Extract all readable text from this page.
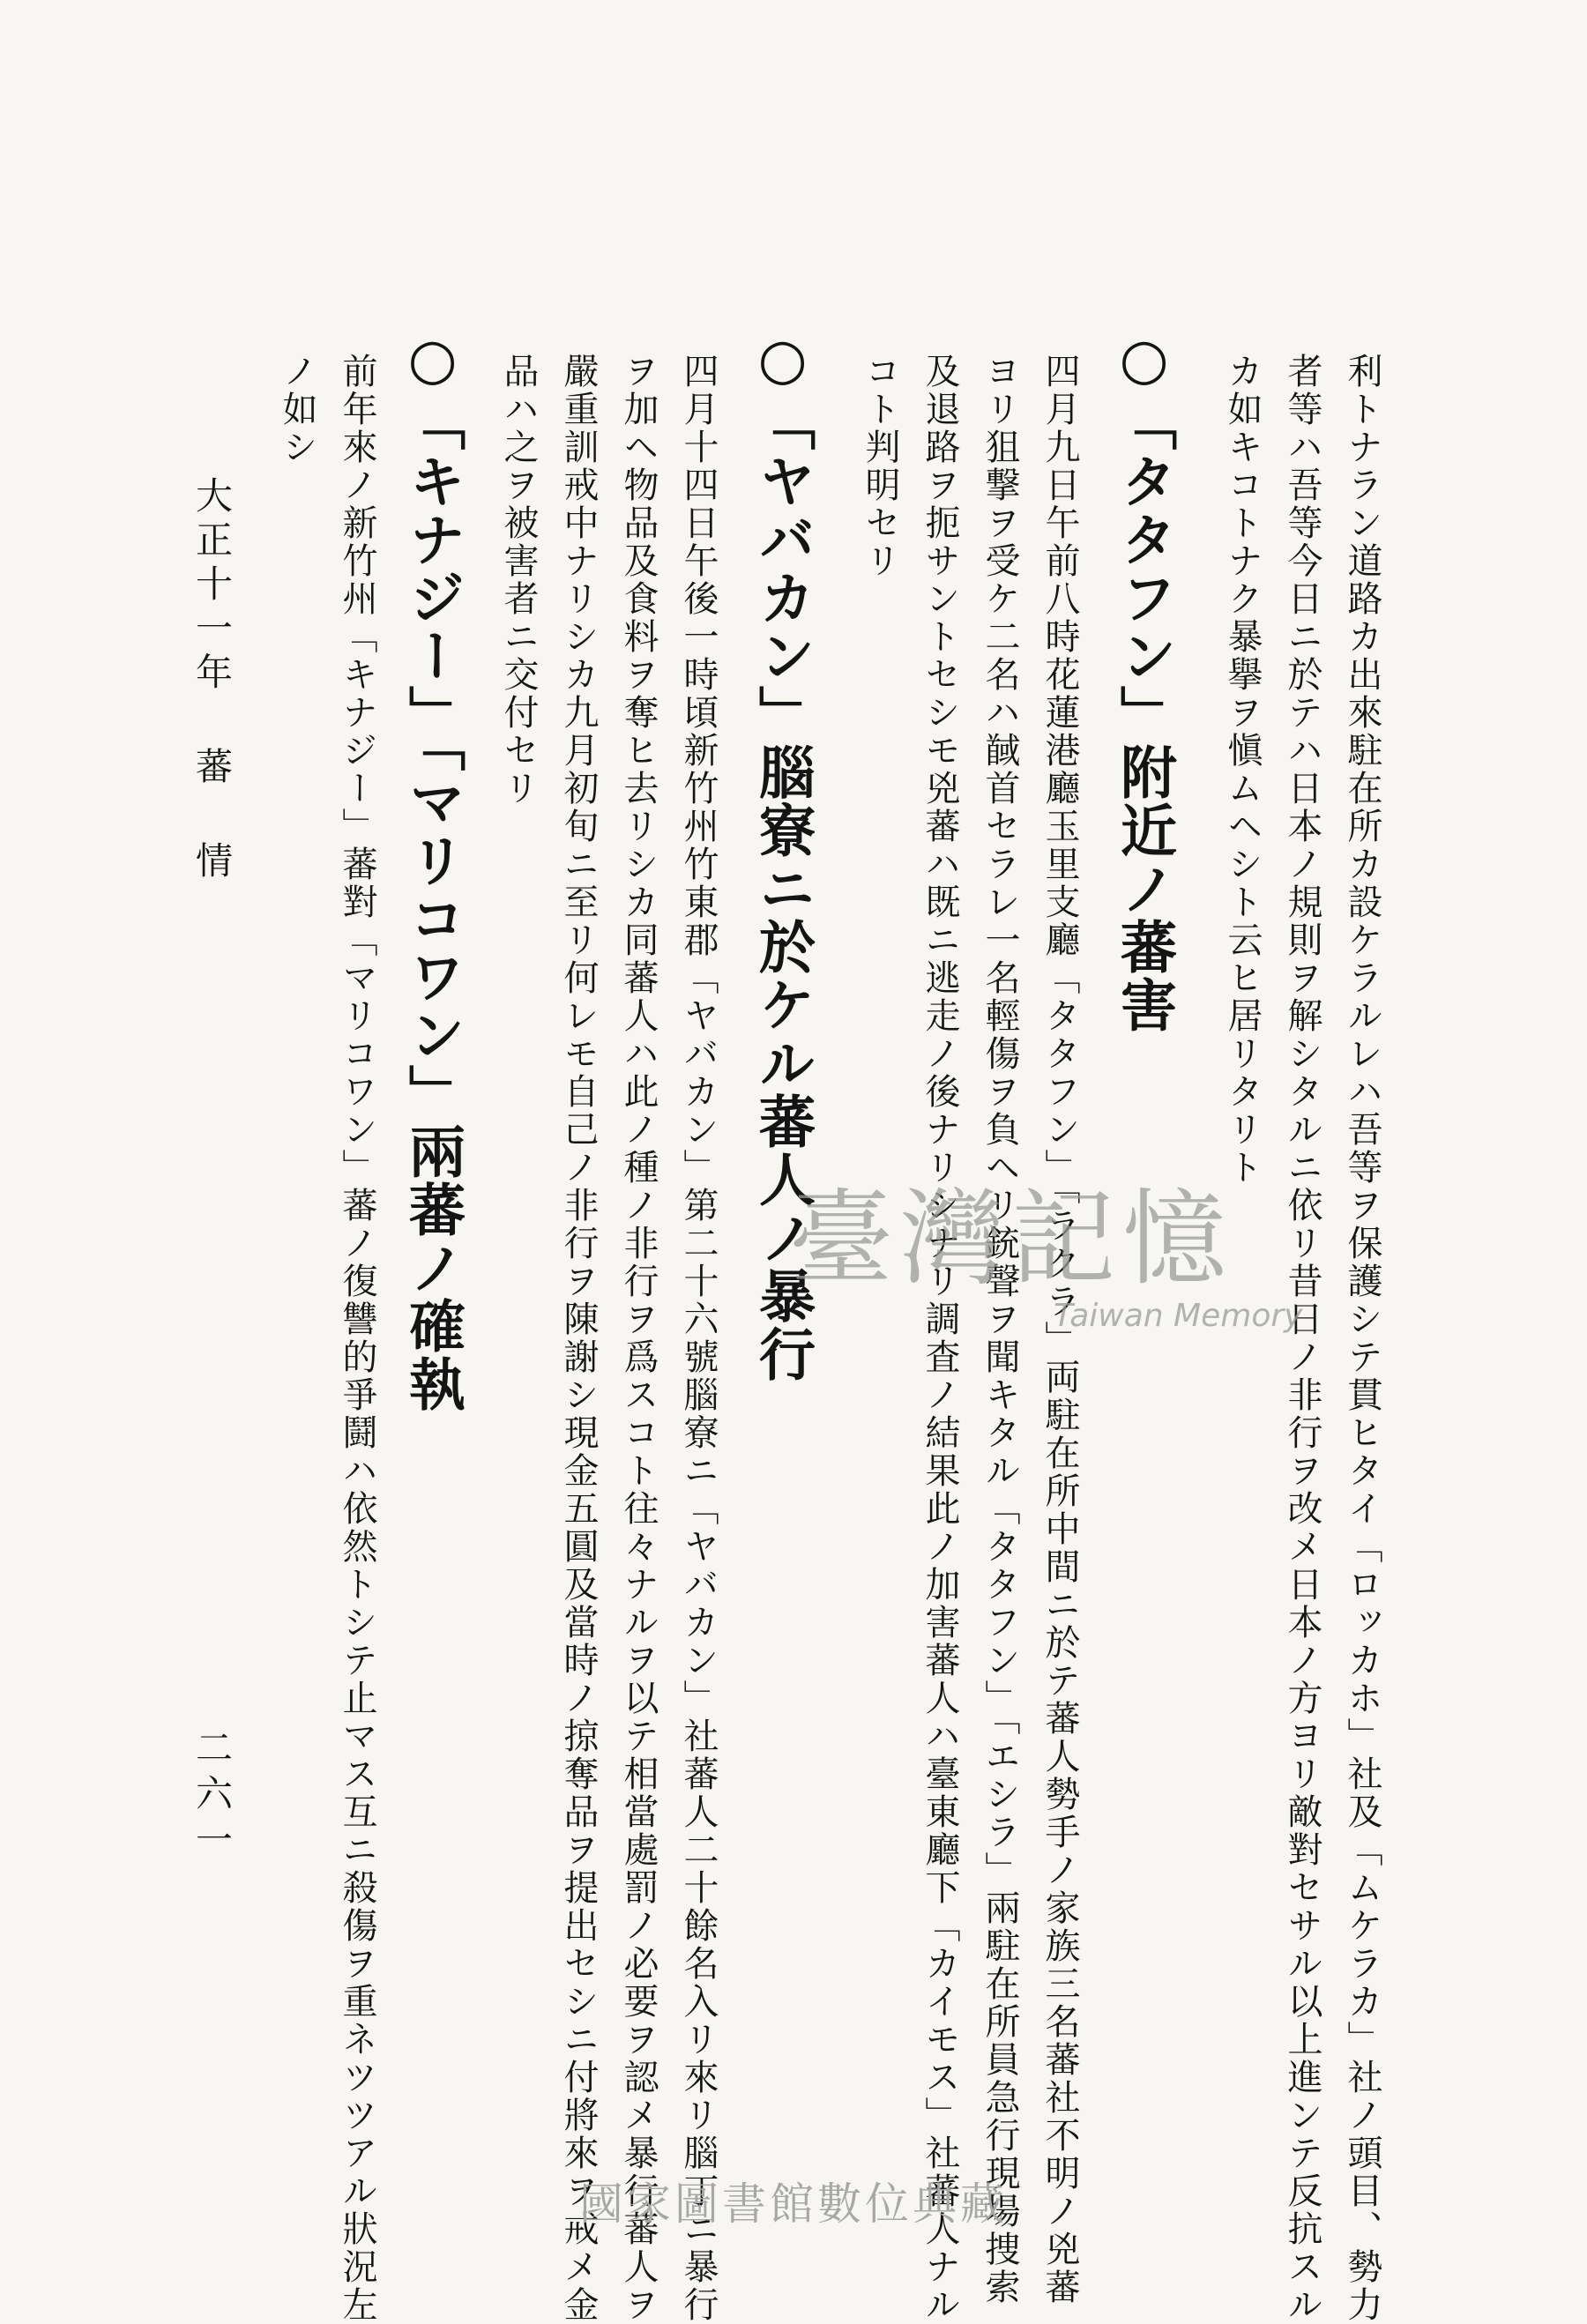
利トナラン道路カ出來駐在所カ設ケラルレハ吾等ヲ保護シテ貫ヒタイ「ロッカホ」社及「ムケラカ」社ノ頭目、勢力
者等ハ吾等今日ニ於テハ日本ノ規則ヲ解シタルニ依リ昔日ノ非行ヲ改メ日本ノ方ヨリ敵對セサル以上進ンテ反抗スル
カ如キコトナク暴擧ヲ愼ムヘシト云ヒ居リタリト
○「タタフン」附近ノ蕃害
四月九日午前八時花蓮港廳玉里支廳「タタフン」「ラクラ」両駐在所中間ニ於テ蕃人勢手ノ家族三名蕃社不明ノ兇蕃
ヨリ狙撃ヲ受ケ二名ハ馘首セラレ一名輕傷ヲ負ヘリ銃聲ヲ聞キタル「タタフン」「エシラ」兩駐在所員急行現場捜索
及退路ヲ扼サントセシモ兇蕃ハ既ニ逃走ノ後ナリシナリ調査ノ結果此ノ加害蕃人ハ臺東廳下「カイモス」社蕃人ナル
コト判明セリ
○「ヤバカン」腦寮ニ於ケル蕃人ノ暴行
四月十四日午後一時頃新竹州竹東郡「ヤバカン」第二十六號腦寮ニ「ヤバカン」社蕃人二十餘名入リ來リ腦丁ニ暴行
ヲ加ヘ物品及食料ヲ奪ヒ去リシカ同蕃人ハ此ノ種ノ非行ヲ爲スコト往々ナルヲ以テ相當處罰ノ必要ヲ認メ暴行蕃人ヲ
嚴重訓戒中ナリシカ九月初旬ニ至リ何レモ自己ノ非行ヲ陳謝シ現金五圓及當時ノ掠奪品ヲ提出セシニ付將來ヲ戒メ金
品ハ之ヲ被害者ニ交付セリ
○「キナジー」「マリコワン」兩蕃ノ確執
前年來ノ新竹州「キナジー」蕃對「マリコワン」蕃ノ復讐的爭鬪ハ依然トシテ止マス互ニ殺傷ヲ重ネツツアル狀況左
ノ如シ
大正十一年 蕃 情
二六一
臺灣記憶
Taiwan Memory
國家圖書館數位典藏
